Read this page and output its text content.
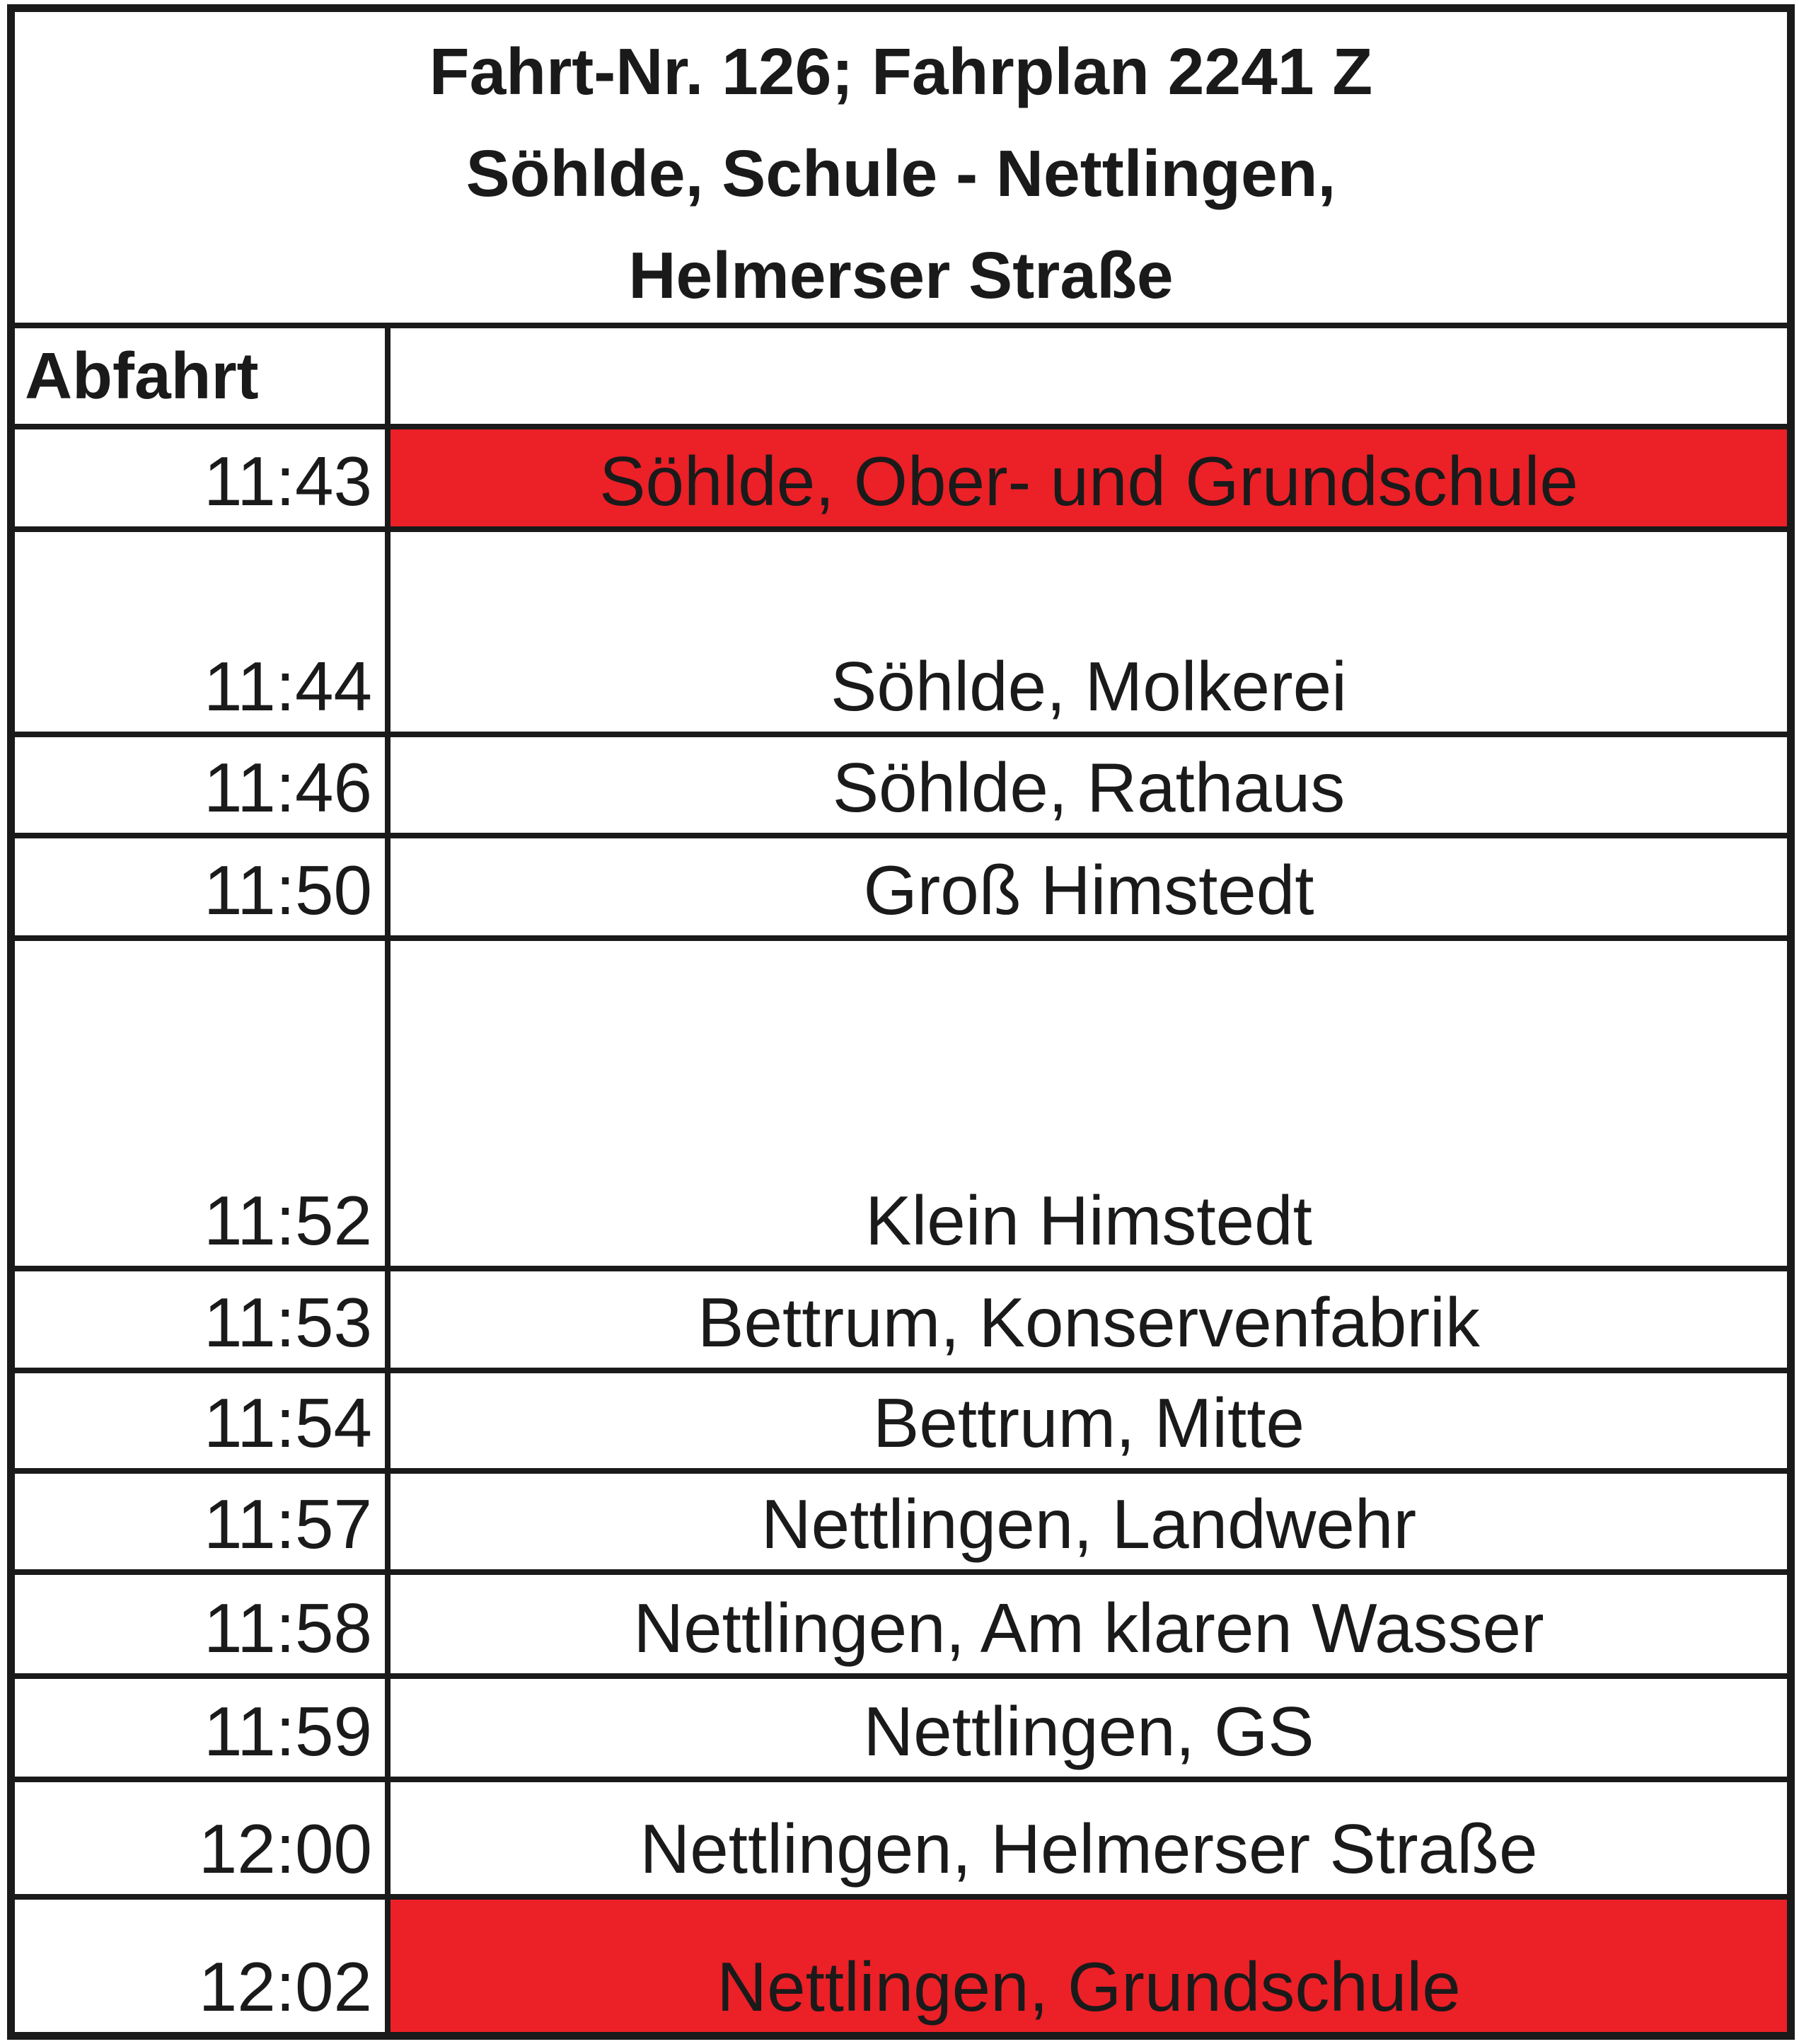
Fahrt-Nr. 126; Fahrplan 2241 Z
Söhlde, Schule - Nettlingen,
Helmerser Straße
Abfahrt
11:43	Söhlde, Ober- und Grundschule
11:44	Söhlde, Molkerei
11:46	Söhlde, Rathaus
11:50	Groß Himstedt
11:52	Klein Himstedt
11:53	Bettrum, Konservenfabrik
11:54	Bettrum, Mitte
11:57	Nettlingen, Landwehr
11:58	Nettlingen, Am klaren Wasser
11:59	Nettlingen, GS
12:00	Nettlingen, Helmerser Straße
12:02	Nettlingen, Grundschule
